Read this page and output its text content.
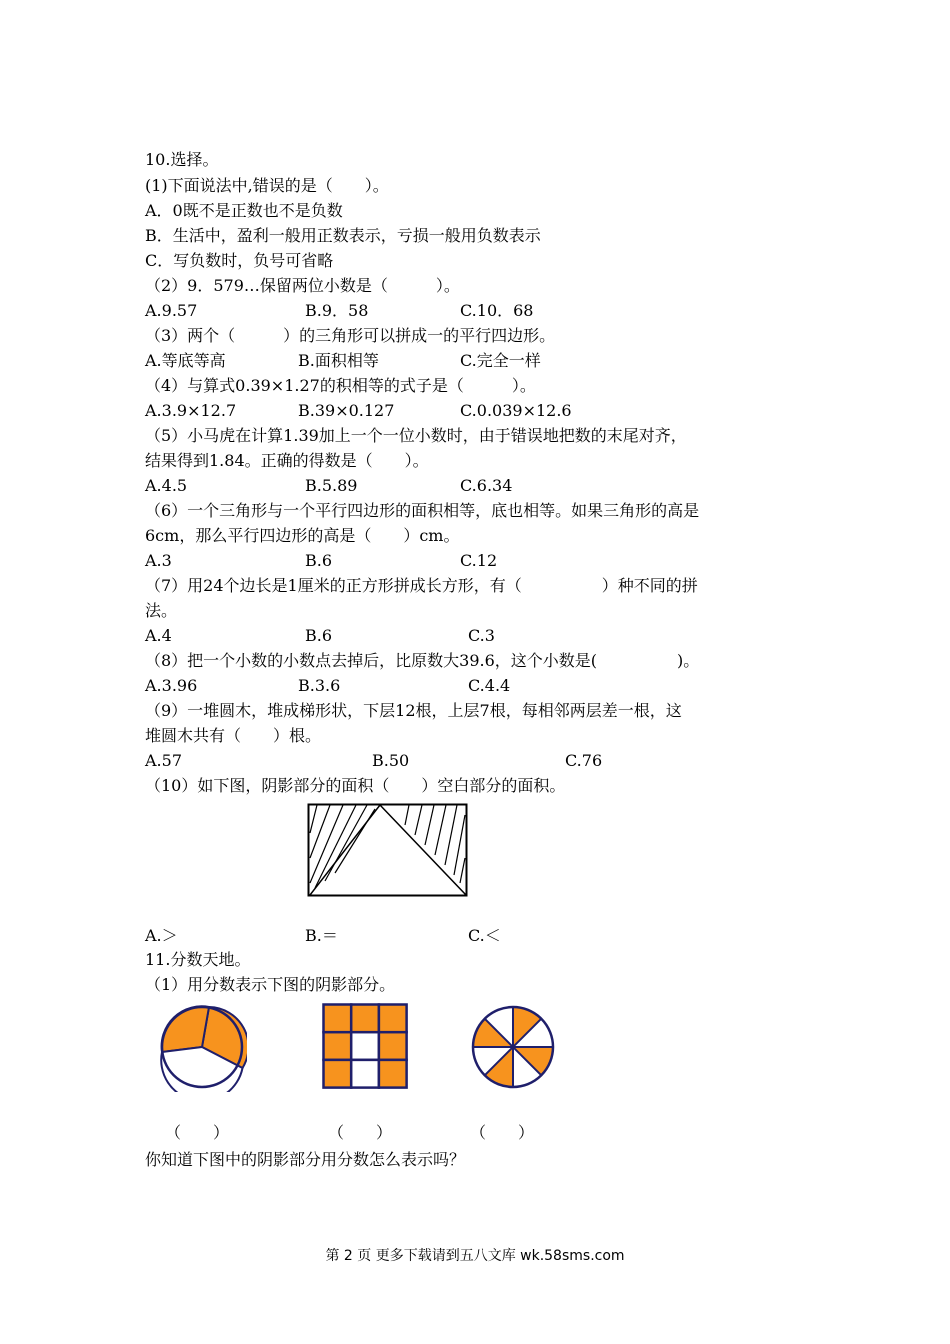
10.选择。
(1)下面说法中,错误的是（　　）。
A．0既不是正数也不是负数
B．生活中，盈利一般用正数表示，亏损一般用负数表示
C．写负数时，负号可省略
（2）9．579…保留两位小数是（　　　）。
A.9.57	B.9．58	C.10．68
（3）两个（　　　）的三角形可以拼成一的平行四边形。
A.等底等高	B.面积相等	C.完全一样
（4）与算式0.39×1.27的积相等的式子是（　　　）。
A.3.9×12.7	B.39×0.127	C.0.039×12.6
（5）小马虎在计算1.39加上一个一位小数时，由于错误地把数的末尾对齐，
结果得到1.84。正确的得数是（　　）。
A.4.5	B.5.89	C.6.34
（6）一个三角形与一个平行四边形的面积相等，底也相等。如果三角形的高是
6cm，那么平行四边形的高是（　　）cm。
A.3	B.6	C.12
（7）用24个边长是1厘米的正方形拼成长方形，有（　　　　　）种不同的拼
法。
A.4	B.6	C.3
（8）把一个小数的小数点去掉后，比原数大39.6，这个小数是(　　　　　)。
A.3.96	B.3.6	C.4.4
（9）一堆圆木，堆成梯形状，下层12根，上层7根，每相邻两层差一根，这
堆圆木共有（　　）根。
A.57	B.50	C.76
（10）如下图，阴影部分的面积（　　）空白部分的面积。
A.＞	B.＝	C.＜
11.分数天地。
（1）用分数表示下图的阴影部分。
（　　）	（　　）	（　　）
你知道下图中的阴影部分用分数怎么表示吗？
第 2 页 更多下载请到五八文库 wk.58sms.com
